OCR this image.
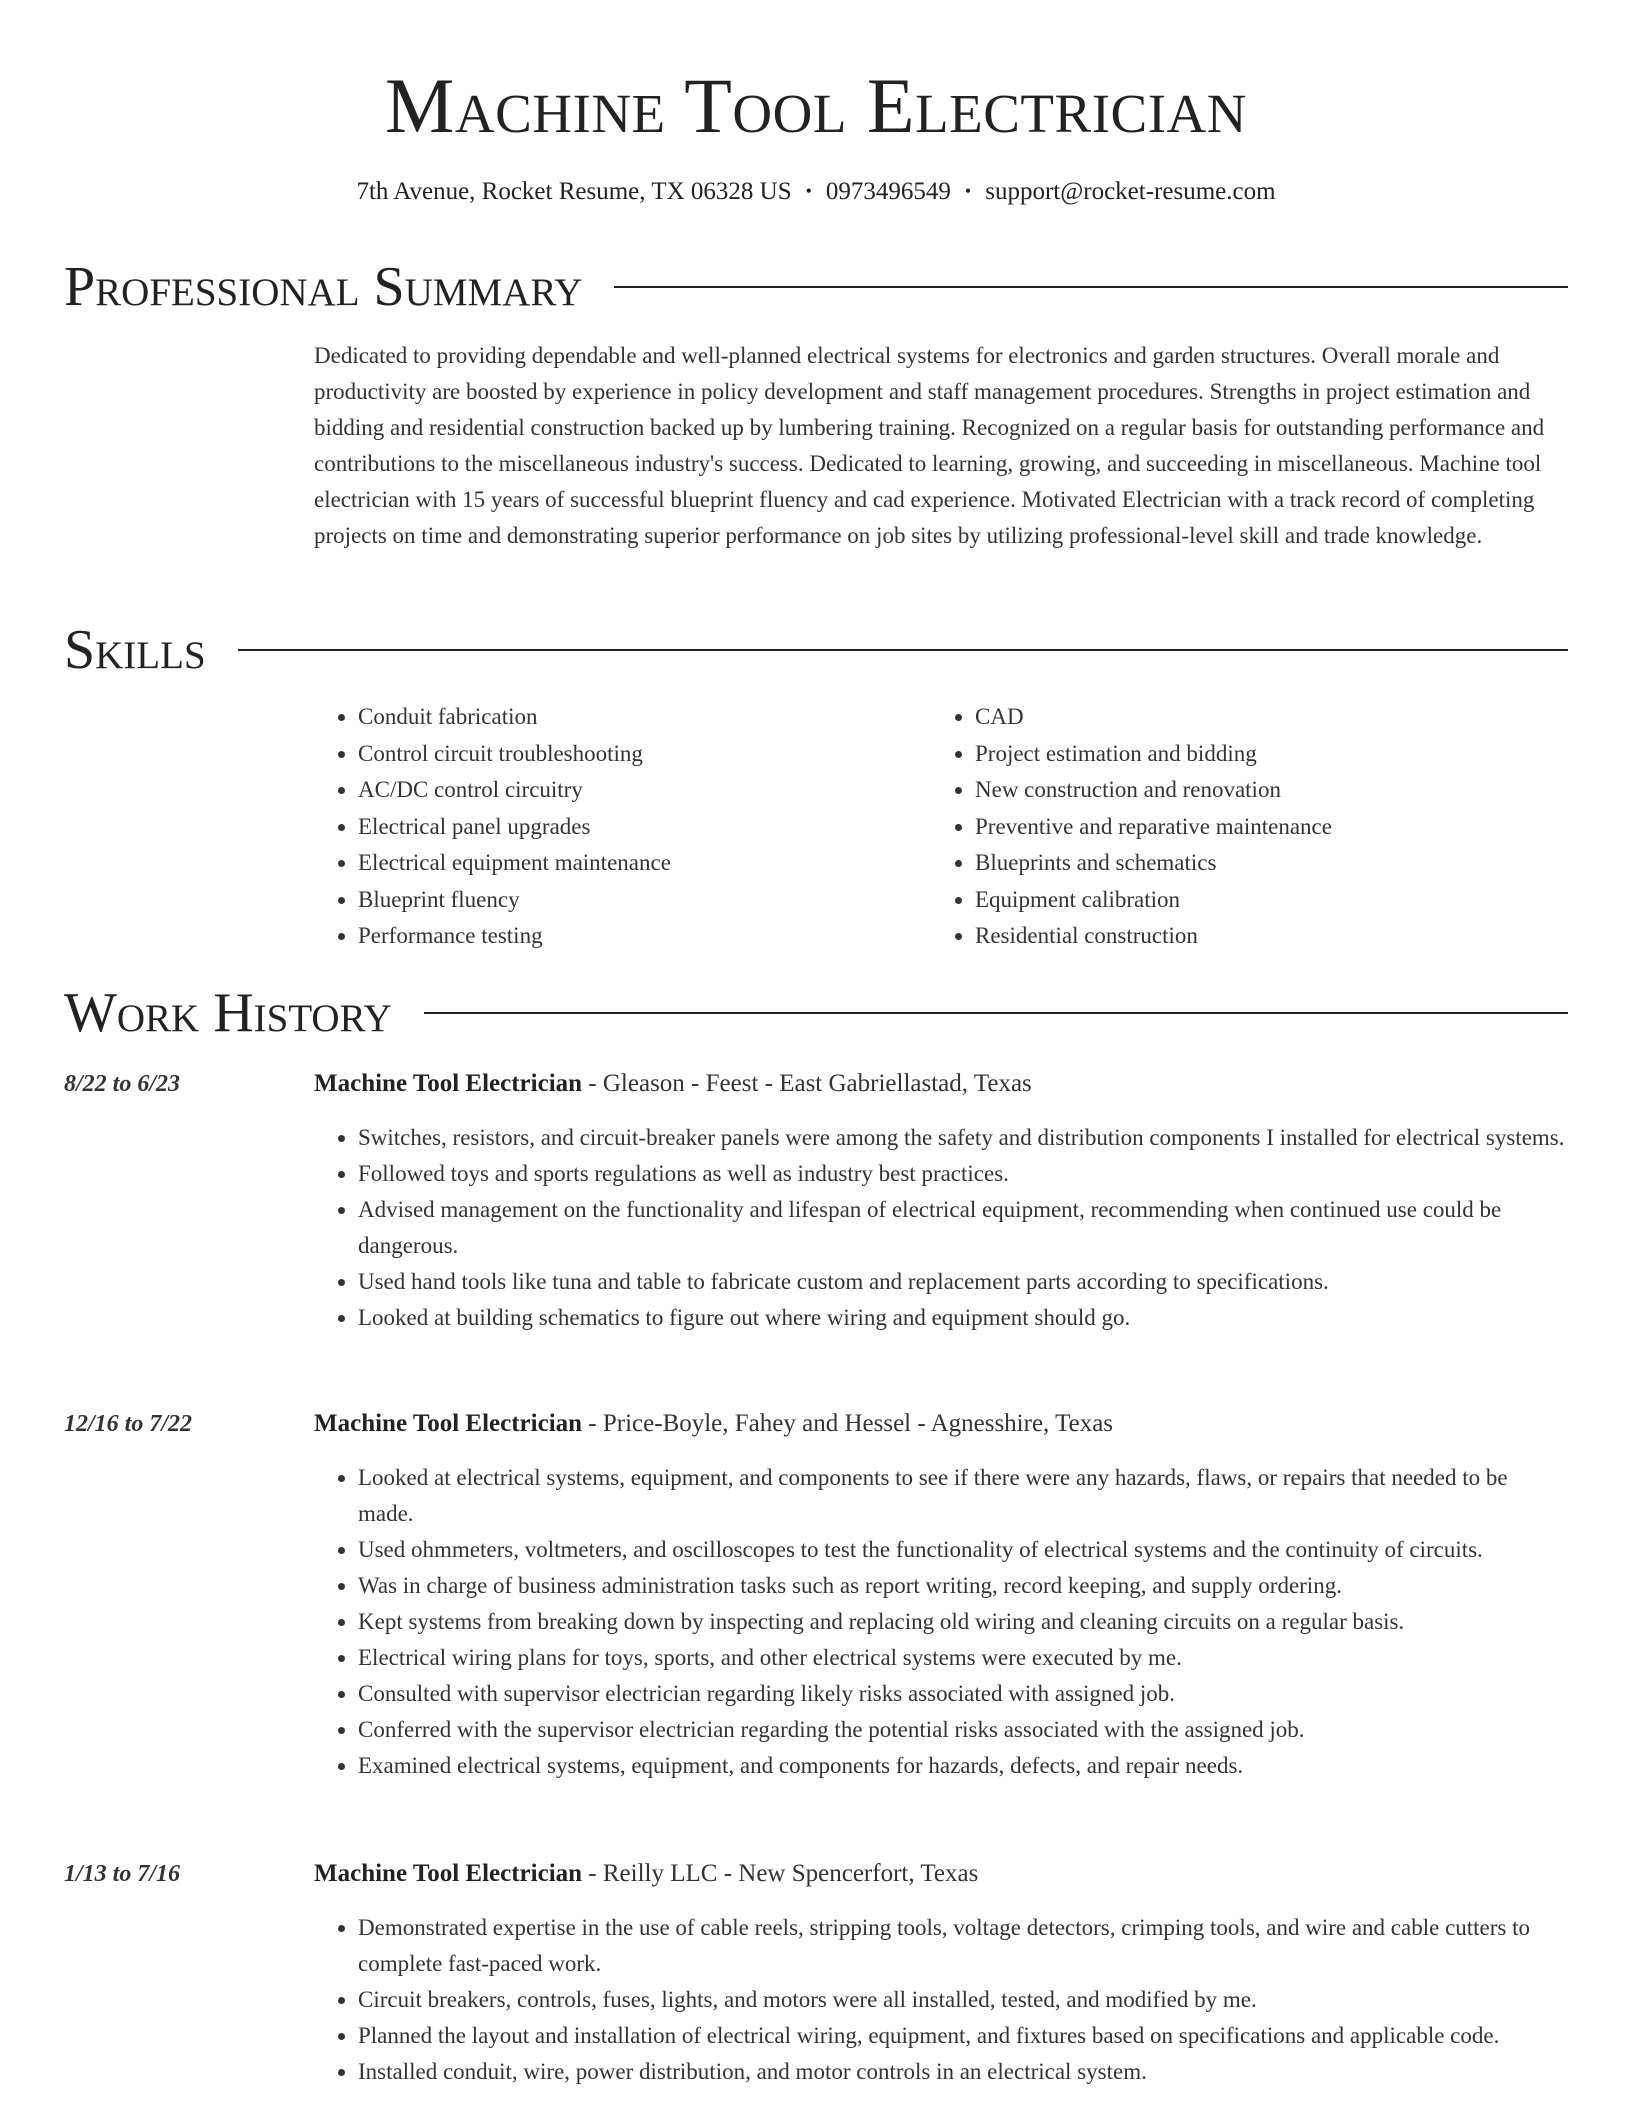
Machine Tool Electrician
7th Avenue, Rocket Resume, TX 06328 US • 0973496549 • support@rocket-resume.com
Professional Summary

Dedicated to providing dependable and well-planned electrical systems for electronics and garden structures. Overall morale and productivity are boosted by experience in policy development and staff management procedures. Strengths in project estimation and bidding and residential construction backed up by lumbering training. Recognized on a regular basis for outstanding performance and contributions to the miscellaneous industry's success. Dedicated to learning, growing, and succeeding in miscellaneous. Machine tool electrician with 15 years of successful blueprint fluency and cad experience. Motivated Electrician with a track record of completing projects on time and demonstrating superior performance on job sites by utilizing professional-level skill and trade knowledge.

Skills
• Conduit fabrication
• Control circuit troubleshooting
• AC/DC control circuitry
• Electrical panel upgrades
• Electrical equipment maintenance
• Blueprint fluency
• Performance testing
• CAD
• Project estimation and bidding
• New construction and renovation
• Preventive and reparative maintenance
• Blueprints and schematics
• Equipment calibration
• Residential construction
Work History
8/22 to 6/23	Machine Tool Electrician - Gleason - Feest - East Gabriellastad, Texas
• Switches, resistors, and circuit-breaker panels were among the safety and distribution components I installed for electrical systems.
• Followed toys and sports regulations as well as industry best practices.
• Advised management on the functionality and lifespan of electrical equipment, recommending when continued use could be dangerous.
• Used hand tools like tuna and table to fabricate custom and replacement parts according to specifications.
• Looked at building schematics to figure out where wiring and equipment should go.
12/16 to 7/22	Machine Tool Electrician - Price-Boyle, Fahey and Hessel - Agnesshire, Texas
• Looked at electrical systems, equipment, and components to see if there were any hazards, flaws, or repairs that needed to be made.
• Used ohmmeters, voltmeters, and oscilloscopes to test the functionality of electrical systems and the continuity of circuits.
• Was in charge of business administration tasks such as report writing, record keeping, and supply ordering.
• Kept systems from breaking down by inspecting and replacing old wiring and cleaning circuits on a regular basis.
• Electrical wiring plans for toys, sports, and other electrical systems were executed by me.
• Consulted with supervisor electrician regarding likely risks associated with assigned job.
• Conferred with the supervisor electrician regarding the potential risks associated with the assigned job.
• Examined electrical systems, equipment, and components for hazards, defects, and repair needs.
1/13 to 7/16	Machine Tool Electrician - Reilly LLC - New Spencerfort, Texas
• Demonstrated expertise in the use of cable reels, stripping tools, voltage detectors, crimping tools, and wire and cable cutters to complete fast-paced work.
• Circuit breakers, controls, fuses, lights, and motors were all installed, tested, and modified by me.
• Planned the layout and installation of electrical wiring, equipment, and fixtures based on specifications and applicable code.
• Installed conduit, wire, power distribution, and motor controls in an electrical system.
